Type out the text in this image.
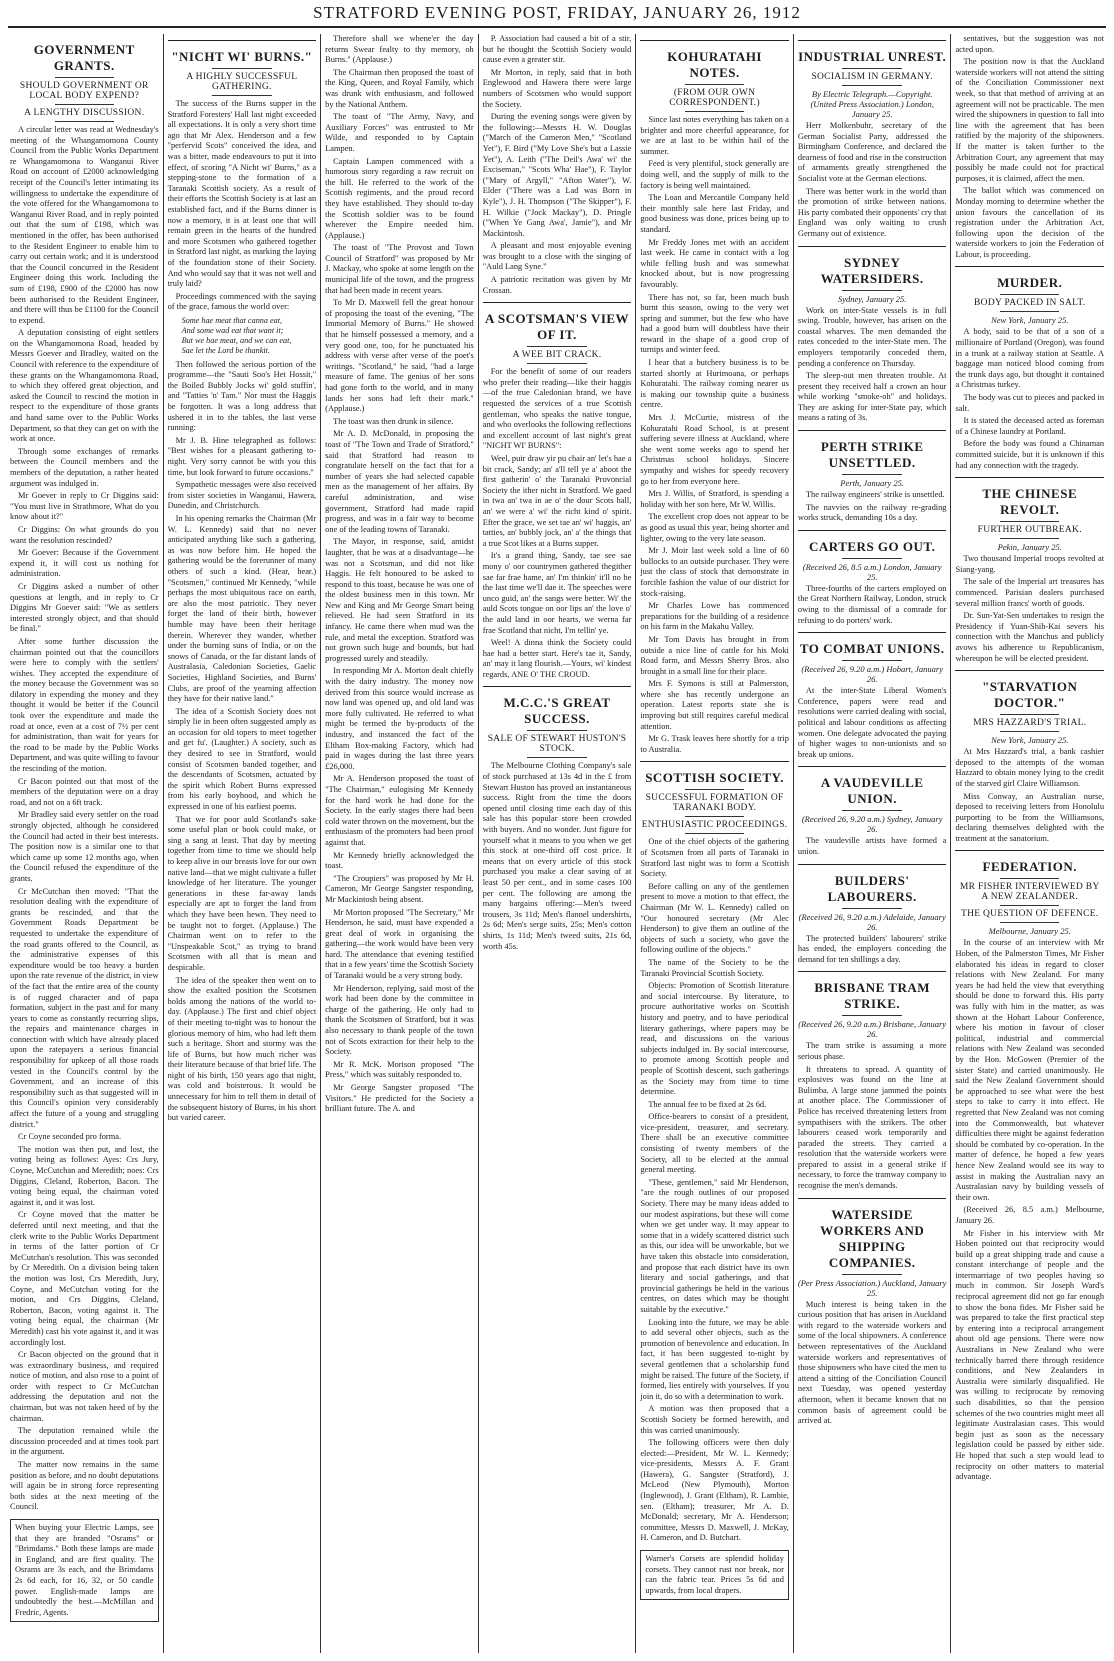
STRATFORD EVENING POST, FRIDAY, JANUARY 26, 1912
GOVERNMENT GRANTS.
SHOULD GOVERNMENT OR LOCAL BODY EXPEND?
A LENGTHY DISCUSSION.

A circular letter was read at Wednesday's meeting of the Whangamomona County Council from the Public Works Department re Whangamomona to Wanganui River Road on account of £2000 acknowledging receipt of the Council's letter intimating its willingness to undertake the expenditure of the vote offered for the Whangamomona to Wanganui River Road, and in reply pointed out that the sum of £198, which was mentioned in the offer, has been authorised to the Resident Engineer to enable him to carry out certain work; and it is understood that the Council concurred in the Resident Engineer doing this work. Including the sum of £198, £900 of the £2000 has now been authorised to the Resident Engineer, and there will thus be £1100 for the Council to expend.

A deputation consisting of eight settlers on the Whangamomona Road, headed by Messrs Goever and Bradley, waited on the Council with reference to the expenditure of these grants on the Whangamomona Road, to which they offered great objection, and asked the Council to rescind the motion in respect to the expenditure of those grants and hand same over to the Public Works Department, so that they can get on with the work at once.

Through some exchanges of remarks between the Council members and the members of the deputation, a rather heated argument was indulged in.

Mr Goever in reply to Cr Diggins said: "You must live in Strathmore, What do you know about it?"

Cr Diggins: On what grounds do you want the resolution rescinded?

Mr Goever: Because if the Government expend it, it will cost us nothing for administration.

Cr Diggins asked a number of other questions at length, and in reply to Cr Diggins Mr Goever said: "We as settlers interested strongly object, and that should be final."

After some further discussion the chairman pointed out that the councillors were here to comply with the settlers' wishes. They accepted the expenditure of the money because the Government was so dilatory in expending the money and they thought it would be better if the Council took over the expenditure and made the road at once, even at a cost of 7½ per cent for administration, than wait for years for the road to be made by the Public Works Department, and was quite willing to favour the rescinding of the motion.

Cr Bacon pointed out that most of the members of the deputation were on a dray road, and not on a 6ft track.

Mr Bradley said every settler on the road strongly objected, although he considered the Council had acted in their best interests. The position now is a similar one to that which came up some 12 months ago, when the Council refused the expenditure of the grants.

Cr McCutchan then moved: "That the resolution dealing with the expenditure of grants be rescinded, and that the Government Roads Department be requested to undertake the expenditure of the road grants offered to the Council, as the administrative expenses of this expenditure would be too heavy a burden upon the rate revenue of the district, in view of the fact that the entire area of the county is of rugged character and of papa formation, subject in the past and for many years to come as constantly recurring slips, the repairs and maintenance charges in connection with which have already placed upon the ratepayers a serious financial responsibility for upkeep of all those roads vested in the Council's control by the Government, and an increase of this responsibility such as that suggested will in this Council's opinion very considerably affect the future of a young and struggling district."

Cr Coyne seconded pro forma.

The motion was then put, and lost, the voting being as follows: Ayes: Crs Jury, Coyne, McCutchan and Meredith; noes: Crs Diggins, Cleland, Roberton, Bacon. The voting being equal, the chairman voted against it, and it was lost.

Cr Coyne moved that the matter be deferred until next meeting, and that the clerk write to the Public Works Department in terms of the latter portion of Cr McCutchan's resolution. This was seconded by Cr Meredith. On a division being taken the motion was lost, Crs Meredith, Jury, Coyne, and McCutchan voting for the motion, and Crs Diggins, Cleland, Roberton, Bacon, voting against it. The voting being equal, the chairman (Mr Meredith) cast his vote against it, and it was accordingly lost.

Cr Bacon objected on the ground that it was extraordinary business, and required notice of motion, and also rose to a point of order with respect to Cr McCutchan addressing the deputation and not the chairman, but was not taken heed of by the chairman.

The deputation remained while the discussion proceeded and at times took part in the argument.

The matter now remains in the same position as before, and no doubt deputations will again be in strong force representing both sides at the next meeting of the Council.

When buying your Electric Lamps, see that they are branded "Osrams" or "Brimdams." Both these lamps are made in England, and are first quality. The Osrams are 3s each, and the Brimdams 2s 6d each, for 16, 32, or 50 candle power. English-made lamps are undoubtedly the best.—McMillan and Fredric, Agents.
"NICHT WI' BURNS."
A HIGHLY SUCCESSFUL GATHERING.

The success of the Burns supper in the Stratford Foresters' Hall last night exceeded all expectations. It is only a very short time ago that Mr Alex. Henderson and a few "perfervid Scots" conceived the idea, and was a bitter, made endeavours to put it into effect, of scoring "A Nicht wi' Burns," as a stepping-stone to the formation of a Taranaki Scottish society. As a result of their efforts the Scottish Society is at last an established fact, and if the Burns dinner is now a memory, it is at least one that will remain green in the hearts of the hundred and more Scotsmen who gathered together in Stratford last night, as marking the laying of the foundation stone of their Society. And who would say that it was not well and truly laid?

Proceedings commenced with the saying of the grace, famous the world over:

Some hae meat that canna eat,
And some wad eat that want it;
But we hae meat, and we can eat,
Sae let the Lord be thankit.

Then followed the serious portion of the programme—the "Sauti Soo's Het Hossit," the Boiled Bubbly Jocks wi' gold stuffin', and "Tatties 'n' Tam." Nor must the Haggis be forgotten. It was a long address that ushered it in to the tables, the last verse running:

Mr J. B. Hine telegraphed as follows: "Best wishes for a pleasant gathering to-night. Very sorry cannot be with you this time, but look forward to future occasions."

Sympathetic messages were also received from sister societies in Wanganui, Hawera, Dunedin, and Christchurch.

In his opening remarks the Chairman (Mr W. L. Kennedy) said that no never anticipated anything like such a gathering, as was now before him. He hoped the gathering would be the forerunner of many others of such a kind. (Hear, hear.) "Scotsmen," continued Mr Kennedy, "while perhaps the most ubiquitous race on earth, are also the most patriotic. They never forget the land of their birth, however humble may have been their heritage therein. Wherever they wander, whether under the burning suns of India, or on the snows of Canada, or the far distant lands of Australasia, Caledonian Societies, Gaelic Societies, Highland Societies, and Burns' Clubs, are proof of the yearning affection they have for their native land."

The idea of a Scottish Society does not simply lie in been often suggested amply as an occasion for old topers to meet together and get fu'. (Laughter.) A society, such as they desired to see in Stratford, would consist of Scotsmen banded together, and the descendants of Scotsmen, actuated by the spirit which Robert Burns expressed from his early boyhood, and which he expressed in one of his earliest poems.

That we for poor auld Scotland's sake some useful plan or book could make, or sing a sang at least. That day by meeting together from time to time we should help to keep alive in our breasts love for our own native land—that we might cultivate a fuller knowledge of her literature. The younger generations in these far-away lands especially are apt to forget the land from which they have been hewn. They need to be taught not to forget. (Applause.) The Chairman went on to refer to the "Unspeakable Scot," as trying to brand Scotsmen with all that is mean and despicable.

The idea of the speaker then went on to show the exalted position the Scotsmen holds among the nations of the world to-day. (Applause.) The first and chief object of their meeting to-night was to honour the glorious memory of him, who had left them such a heritage. Short and stormy was the life of Burns, but how much richer was their literature because of that brief life. The night of his birth, 150 years ago that night, was cold and boisterous. It would be unnecessary for him to tell them in detail of the subsequent history of Burns, in his short but varied career.

Therefore shall we whene'er the day returns Swear fealty to thy memory, oh Burns." (Applause.)

The Chairman then proposed the toast of the King, Queen, and Royal Family, which was drunk with enthusiasm, and followed by the National Anthem.

The toast of "The Army, Navy, and Auxiliary Forces" was entrusted to Mr Wilde, and responded to by Captain Lampen.

Captain Lampen commenced with a humorous story regarding a raw recruit on the hill. He referred to the work of the Scottish regiments, and the proud record they have established. They should to-day the Scottish soldier was to be found wherever the Empire needed him. (Applause.)

The toast of "The Provost and Town Council of Stratford" was proposed by Mr J. Mackay, who spoke at some length on the municipal life of the town, and the progress that had been made in recent years.

To Mr D. Maxwell fell the great honour of proposing the toast of the evening, "The Immortal Memory of Burns." He showed that he himself possessed a memory, and a very good one, too, for he punctuated his address with verse after verse of the poet's writings. "Scotland," he said, "had a large measure of fame. The genius of her sons had gone forth to the world, and in many lands her sons had left their mark." (Applause.)

The toast was then drunk in silence.

Mr A. D. McDonald, in proposing the toast of "The Town and Trade of Stratford," said that Stratford had reason to congratulate herself on the fact that for a number of years she had selected capable men as the management of her affairs. By careful administration, and wise government, Stratford had made rapid progress, and was in a fair way to become one of the leading towns of Taranaki.

The Mayor, in response, said, amidst laughter, that he was at a disadvantage—he was not a Scotsman, and did not like Haggis. He felt honoured to be asked to respond to this toast, because he was one of the oldest business men in this town. Mr New and King and Mr George Smart being relieved. He had seen Stratford in its infancy. He came there when mud was the rule, and metal the exception. Stratford was not grown such huge and bounds, but had progressed surely and steadily.

In responding Mr A. Morton dealt chiefly with the dairy industry. The money now derived from this source would increase as now land was opened up, and old land was more fully cultivated. He referred to what might be termed the by-products of the industry, and instanced the fact of the Eltham Box-making Factory, which had paid in wages during the last three years £26,000.

Mr A. Henderson proposed the toast of "The Chairman," eulogising Mr Kennedy for the hard work he had done for the Society. In the early stages there had been cold water thrown on the movement, but the enthusiasm of the promoters had been proof against that.

Mr Kennedy briefly acknowledged the toast.

"The Croupiers" was proposed by Mr H. Cameron, Mr George Sangster responding, Mr Mackintosh being absent.

Mr Morton proposed "The Secretary," Mr Henderson, he said, must have expended a great deal of work in organising the gathering—the work would have been very hard. The attendance that evening testified that in a few years' time the Scottish Society of Taranaki would be a very strong body.

Mr Henderson, replying, said most of the work had been done by the committee in charge of the gathering. He only had to thank the Scotsmen of Stratford, but it was also necessary to thank people of the town not of Scots extraction for their help to the Society.

Mr R. McK. Morison proposed "The Press," which was suitably responded to.

Mr George Sangster proposed "The Visitors." He predicted for the Society a brilliant future. The A. and

P. Association had caused a bit of a stir, but he thought the Scottish Society would cause even a greater stir.

Mr Morton, in reply, said that in both Englewood and Hawera there were large numbers of Scotsmen who would support the Society.

During the evening songs were given by the following:—Messrs H. W. Douglas ("March of the Cameron Men," "Scotland Yet"), F. Bird ("My Love She's but a Lassie Yet"), A. Leith ("The Deil's Awa' wi' the Exciseman," "Scots Wha' Hae"), F. Taylor ("Mary of Argyll," "Afton Water"), W. Elder ("There was a Lad was Born in Kyle"), J. H. Thompson ("The Skipper"), F. H. Wilkie ("Jock Mackay"), D. Pringle ("When Ye Gang Awa', Jamie"), and Mr Mackintosh.

A pleasant and most enjoyable evening was brought to a close with the singing of "Auld Lang Syne."

A patriotic recitation was given by Mr Crossan.

A SCOTSMAN'S VIEW OF IT.
A WEE BIT CRACK.

For the benefit of some of our readers who prefer their reading—like their haggis—of the true Caledonian brand, we have requested the services of a true Scottish gentleman, who speaks the native tongue, and who overlooks the following reflections and excellent account of last night's great "NICHT WI' BURNS":

Weel, puir draw yir pu chair an' let's hae a bit crack, Sandy; an' a'll tell ye a' aboot the first gatherin' o' the Taranaki Provoncial Society the ither nicht in Stratford. We gaed in twa an' twa in ae o' the dour Scots hall, an' we were a' wi' the richt kind o' spirit. Efter the grace, we set tae an' wi' haggis, an' tatties, an' bubbly jock, an' a' the things that a true Scot likes at a Burns supper.

It's a grand thing, Sandy, tae see sae mony o' oor countrymen gathered thegither sae far frae hame, an' I'm thinkin' it'll no be the last time we'll dae it. The speeches were unco guid, an' the sangs were better. Wi' the auld Scots tongue on oor lips an' the love o' the auld land in oor hearts, we werna far frae Scotland that nicht, I'm tellin' ye.

Weel! A dinna think the Society could hae had a better start. Here's tae it, Sandy, an' may it lang flourish.—Yours, wi' kindest regards, ANE O' THE CROUD.

M.C.C.'S GREAT SUCCESS.
SALE OF STEWART HUSTON'S STOCK.

The Melbourne Clothing Company's sale of stock purchased at 13s 4d in the £ from Stewart Huston has proved an instantaneous success. Right from the time the doors opened until closing time each day of this sale has this popular store been crowded with buyers. And no wonder. Just figure for yourself what it means to you when we get this stock at one-third off cost price. It means that on every article of this stock purchased you make a clear saving of at least 50 per cent., and in some cases 100 per cent. The following are among the many bargains offering:—Men's tweed trousers, 3s 11d; Men's flannel undershirts, 2s 6d; Men's serge suits, 25s; Men's cotton shirts, 1s 11d; Men's tweed suits, 21s 6d, worth 45s.

KOHURATAHI NOTES.
(FROM OUR OWN CORRESPONDENT.)

Since last notes everything has taken on a brighter and more cheerful appearance, for we are at last to be within hail of the summer.

Feed is very plentiful, stock generally are doing well, and the supply of milk to the factory is being well maintained.

The Loan and Mercantile Company held their monthly sale here last Friday, and good business was done, prices being up to standard.

Mr Freddy Jones met with an accident last week. He came in contact with a log while felling bush and was somewhat knocked about, but is now progressing favourably.

There has not, so far, been much bush burnt this season, owing to the very wet spring and summer, but the few who have had a good burn will doubtless have their reward in the shape of a good crop of turnips and winter feed.

I hear that a butchery business is to be started shortly at Hurimoana, or perhaps Kohuratahi. The railway coming nearer us is making our township quite a business centre.

Mrs J. McCurtie, mistress of the Kohuratahi Road School, is at present suffering severe illness at Auckland, where she went some weeks ago to spend her Christmas school holidays. Sincere sympathy and wishes for speedy recovery go to her from everyone here.

Mrs J. Willis, of Stratford, is spending a holiday with her son here, Mr W. Willis.

The excellent crop does not appear to be as good as usual this year, being shorter and lighter, owing to the very late season.

Mr J. Moir last week sold a line of 60 bullocks to an outside purchaser. They were just the class of stock that demonstrate in forcible fashion the value of our district for stock-raising.

Mr Charles Lowe has commenced preparations for the building of a residence on his farm in the Makahu Valley.

Mr Tom Davis has brought in from outside a nice line of cattle for his Moki Road farm, and Messrs Sherry Bros. also brought in a small line for their place.

Mrs F. Symons is still at Palmerston, where she has recently undergone an operation. Latest reports state she is improving but still requires careful medical attention.

Mr G. Trask leaves here shortly for a trip to Australia.

SCOTTISH SOCIETY.
SUCCESSFUL FORMATION OF TARANAKI BODY.
ENTHUSIASTIC PROCEEDINGS.

One of the chief objects of the gathering of Scotsmen from all parts of Taranaki in Stratford last night was to form a Scottish Society.

Before calling on any of the gentlemen present to move a motion to that effect, the Chairman (Mr W. L. Kennedy) called on "Our honoured secretary (Mr Alec Henderson) to give them an outline of the objects of such a society, who gave the following outline of the objects."

The name of the Society to be the Taranaki Provincial Scottish Society.

Objects: Promotion of Scottish literature and social intercourse. By literature, to procure authoritative works on Scottish history and poetry, and to have periodical literary gatherings, where papers may be read, and discussions on the various subjects indulged in. By social intercourse, to promote among Scottish people and people of Scottish descent, such gatherings as the Society may from time to time determine.

The annual fee to be fixed at 2s 6d.

Office-bearers to consist of a president, vice-president, treasurer, and secretary. There shall be an executive committee consisting of twenty members of the Society, all to be elected at the annual general meeting.

"These, gentlemen," said Mr Henderson, "are the rough outlines of our proposed Society. There may be many ideas added to our modest aspirations, but these will come when we get under way. It may appear to some that in a widely scattered district such as this, our idea will be unworkable, but we have taken this obstacle into consideration, and propose that each district have its own literary and social gatherings, and that provincial gatherings be held in the various centres, on dates which may be thought suitable by the executive."

Looking into the future, we may be able to add several other objects, such as the promotion of benevolence and education. In fact, it has been suggested to-night by several gentlemen that a scholarship fund might be raised. The future of the Society, if formed, lies entirely with yourselves. If you join it, do so with a determination to work.

A motion was then proposed that a Scottish Society be formed herewith, and this was carried unanimously.

The following officers were then duly elected:—President, Mr W. L. Kennedy; vice-presidents, Messrs A. F. Grant (Hawera), G. Sangster (Stratford), J. McLeod (New Plymouth), Morton (Inglewood), J. Grant (Eltham), R. Lambie, sen. (Eltham); treasurer, Mr A. D. McDonald; secretary, Mr A. Henderson; committee, Messrs D. Maxwell, J. McKay, H. Cameron, and D. Butchart.

Warner's Corsets are splendid holiday corsets. They cannot rust nor break, nor can the fabric tear. Prices 5s 6d and upwards, from local drapers.
INDUSTRIAL UNREST.
SOCIALISM IN GERMANY.
By Electric Telegraph.—Copyright. (United Press Association.) London, January 25.

Herr Molkenbuhr, secretary of the German Socialist Party, addressed the Birmingham Conference, and declared the dearness of food and rise in the construction of armaments greatly strengthened the Socialist vote at the German elections.

There was better work in the world than the promotion of strike between nations. His party combated their opponents' cry that England was only waiting to crush Germany out of existence.

SYDNEY WATERSIDERS.
Sydney, January 25.

Work on inter-State vessels is in full swing. Trouble, however, has arisen on the coastal wharves. The men demanded the rates conceded to the inter-State men. The employers temporarily conceded them, pending a conference on Thursday.

The sleep-out men threaten trouble. At present they received half a crown an hour while working "smoke-oh" and holidays. They are asking for inter-State pay, which means a rating of 3s.

PERTH STRIKE UNSETTLED.
Perth, January 25.

The railway engineers' strike is unsettled.

The navvies on the railway re-grading works struck, demanding 10s a day.

CARTERS GO OUT.
(Received 26, 8.5 a.m.) London, January 25.

Three-fourths of the carters employed on the Great Northern Railway, London, struck owing to the dismissal of a comrade for refusing to do porters' work.

TO COMBAT UNIONS.
(Received 26, 9.20 a.m.) Hobart, January 26.

At the inter-State Liberal Women's Conference, papers were read and resolutions were carried dealing with social, political and labour conditions as affecting women. One delegate advocated the paying of higher wages to non-unionists and so break up unions.

A VAUDEVILLE UNION.
(Received 26, 9.20 a.m.) Sydney, January 26.

The vaudeville artists have formed a union.

BUILDERS' LABOURERS.
(Received 26, 9.20 a.m.) Adelaide, January 26.

The protected builders' labourers' strike has ended, the employers conceding the demand for ten shillings a day.

BRISBANE TRAM STRIKE.
(Received 26, 9.20 a.m.) Brisbane, January 26.

The tram strike is assuming a more serious phase.

It threatens to spread. A quantity of explosives was found on the line at Bulimba. A large stone jammed the points at another place. The Commissioner of Police has received threatening letters from sympathisers with the strikers. The other labourers ceased work temporarily and paraded the streets. They carried a resolution that the waterside workers were prepared to assist in a general strike if necessary, to force the tramway company to recognise the men's demands.

WATERSIDE WORKERS AND SHIPPING COMPANIES.
(Per Press Association.) Auckland, January 25.

Much interest is being taken in the curious position that has arisen in Auckland with regard to the waterside workers and some of the local shipowners. A conference between representatives of the Auckland waterside workers and representatives of those shipowners who have cited the men to attend a sitting of the Conciliation Council next Tuesday, was opened yesterday afternoon, when it became known that no common basis of agreement could be arrived at.

sentatives, but the suggestion was not acted upon.

The position now is that the Auckland waterside workers will not attend the sitting of the Conciliation Commissioner next week, so that that method of arriving at an agreement will not be practicable. The men wired the shipowners in question to fall into line with the agreement that has been ratified by the majority of the shipowners. If the matter is taken further to the Arbitration Court, any agreement that may possibly be made could not for practical purposes, it is claimed, affect the men.

The ballot which was commenced on Monday morning to determine whether the union favours the cancellation of its registration under the Arbitration Act, following upon the decision of the waterside workers to join the Federation of Labour, is proceeding.

MURDER.
BODY PACKED IN SALT.
New York, January 25.

A body, said to be that of a son of a millionaire of Portland (Oregon), was found in a trunk at a railway station at Seattle. A baggage man noticed blood coming from the trunk days ago, but thought it contained a Christmas turkey.

The body was cut to pieces and packed in salt.

It is stated the deceased acted as foreman of a Chinese laundry at Portland.

Before the body was found a Chinaman committed suicide, but it is unknown if this had any connection with the tragedy.

THE CHINESE REVOLT.
FURTHER OUTBREAK.
Pekin, January 25.

Two thousand Imperial troops revolted at Siang-yang.

The sale of the Imperial art treasures has commenced. Parisian dealers purchased several million francs' worth of goods.

Dr. Sun-Yat-Sen undertakes to resign the Presidency if Yuan-Shih-Kai severs his connection with the Manchus and publicly avows his adherence to Republicanism, whereupon he will be elected president.

"STARVATION DOCTOR."
MRS HAZZARD'S TRIAL.
New York, January 25.

At Mrs Hazzard's trial, a bank cashier deposed to the attempts of the woman Hazzard to obtain money lying to the credit of the starved girl Claire Williamson.

Miss Conway, an Australian nurse, deposed to receiving letters from Honolulu purporting to be from the Williamsons, declaring themselves delighted with the treatment at the sanatorium.

FEDERATION.
MR FISHER INTERVIEWED BY A NEW ZEALANDER.
THE QUESTION OF DEFENCE.
Melbourne, January 25.

In the course of an interview with Mr Hoben, of the Palmerston Times, Mr Fisher elaborated his ideas in regard to closer relations with New Zealand. For many years he had held the view that everything should be done to forward this. His party was fully with him in the matter, as was shown at the Hobart Labour Conference, where his motion in favour of closer political, industrial and commercial relations with New Zealand was seconded by the Hon. McGowen (Premier of the sister State) and carried unanimously. He said the New Zealand Government should be approached to see what were the best steps to take to carry it into effect. He regretted that New Zealand was not coming into the Commonwealth, but whatever difficulties there might be against federation should be combated by co-operation. In the matter of defence, he hoped a few years hence New Zealand would see its way to assist in making the Australian navy an Australasian navy by building vessels of their own.

(Received 26, 8.5 a.m.) Melbourne, January 26.

Mr Fisher in his interview with Mr Hoben pointed out that reciprocity would build up a great shipping trade and cause a constant interchange of people and the intermarriage of two peoples having so much in common. Sir Joseph Ward's reciprocal agreement did not go far enough to show the bona fides. Mr Fisher said he was prepared to take the first practical step by entering into a reciprocal arrangement about old age pensions. There were now Australians in New Zealand who were technically barred there through residence conditions, and New Zealanders in Australia were similarly disqualified. He was willing to reciprocate by removing such disabilities, so that the pension schemes of the two countries might meet all legitimate Australasian cases. This would begin just as soon as the necessary legislation could be passed by either side. He hoped that such a step would lead to reciprocity on other matters to material advantage.
